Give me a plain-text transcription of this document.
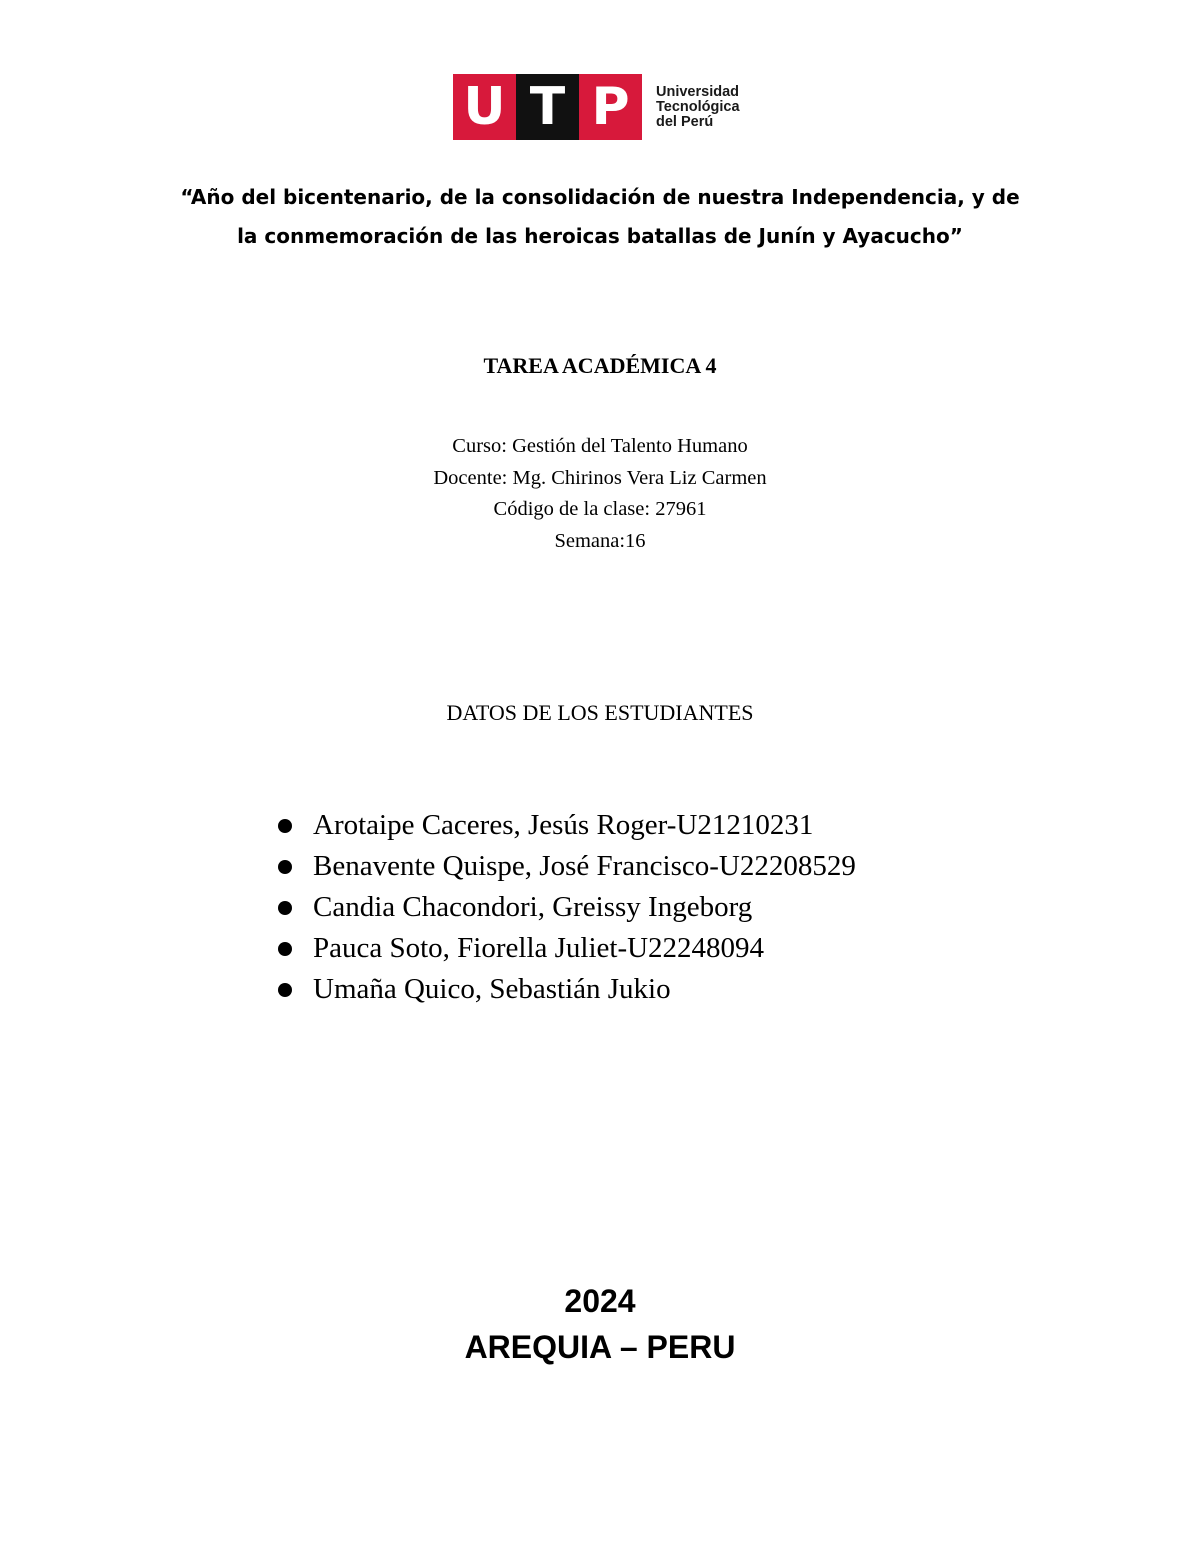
U T P	Universidad
Tecnológica
del Perú
“Año del bicentenario, de la consolidación de nuestra Independencia, y de
la conmemoración de las heroicas batallas de Junín y Ayacucho”
TAREA ACADÉMICA 4
Curso: Gestión del Talento Humano
Docente: Mg. Chirinos Vera Liz Carmen
Código de la clase: 27961
Semana:16
DATOS DE LOS ESTUDIANTES
Arotaipe Caceres, Jesús Roger-U21210231
Benavente Quispe, José Francisco-U22208529
Candia Chacondori, Greissy Ingeborg
Pauca Soto, Fiorella Juliet-U22248094
Umaña Quico, Sebastián Jukio
2024
AREQUIA – PERU
